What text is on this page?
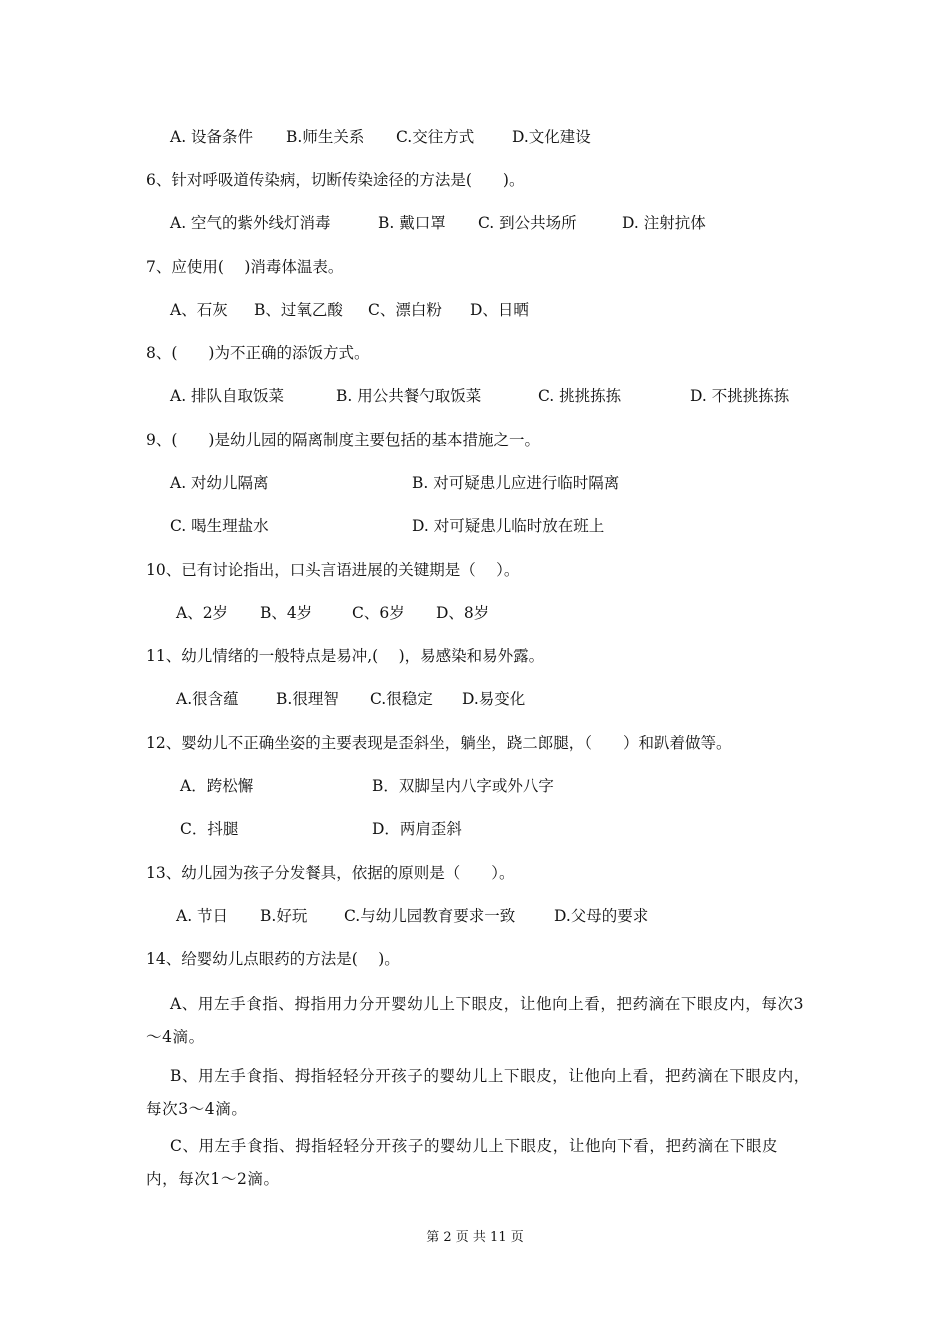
A. 设备条件 B.师生关系 C.交往方式 D.文化建设
6、针对呼吸道传染病，切断传染途径的方法是(　　)。
A. 空气的紫外线灯消毒	B. 戴口罩 C. 到公共场所	D. 注射抗体
7、应使用(　 )消毒体温表。
A、石灰 B、过氧乙酸 C、漂白粉 D、日晒
8、(　　)为不正确的添饭方式。
A. 排队自取饭菜	B. 用公共餐勺取饭菜	C. 挑挑拣拣	D. 不挑挑拣拣
9、(　　)是幼儿园的隔离制度主要包括的基本措施之一。
A. 对幼儿隔离	B. 对可疑患儿应进行临时隔离
C. 喝生理盐水	D. 对可疑患儿临时放在班上
10、已有讨论指出，口头言语进展的关键期是（　 ）。
A、2岁 B、4岁	C、6岁 D、8岁
11、幼儿情绪的一般特点是易冲,(　 )，易感染和易外露。
A.很含蕴 B.很理智 C.很稳定 D.易变化
12、婴幼儿不正确坐姿的主要表现是歪斜坐，躺坐，跷二郎腿，（　　）和趴着做等。
A．跨松懈	B．双脚呈内八字或外八字
C．抖腿	D．两肩歪斜
13、幼儿园为孩子分发餐具，依据的原则是（　　）。
A. 节日 B.好玩 C.与幼儿园教育要求一致	D.父母的要求
14、给婴幼儿点眼药的方法是(　 )。
A、用左手食指、拇指用力分开婴幼儿上下眼皮，让他向上看，把药滴在下眼皮内，每次3～4滴。
B、用左手食指、拇指轻轻分开孩子的婴幼儿上下眼皮，让他向上看，把药滴在下眼皮内，每次3～4滴。
C、用左手食指、拇指轻轻分开孩子的婴幼儿上下眼皮，让他向下看，把药滴在下眼皮内，每次1～2滴。
第 2 页 共 11 页
